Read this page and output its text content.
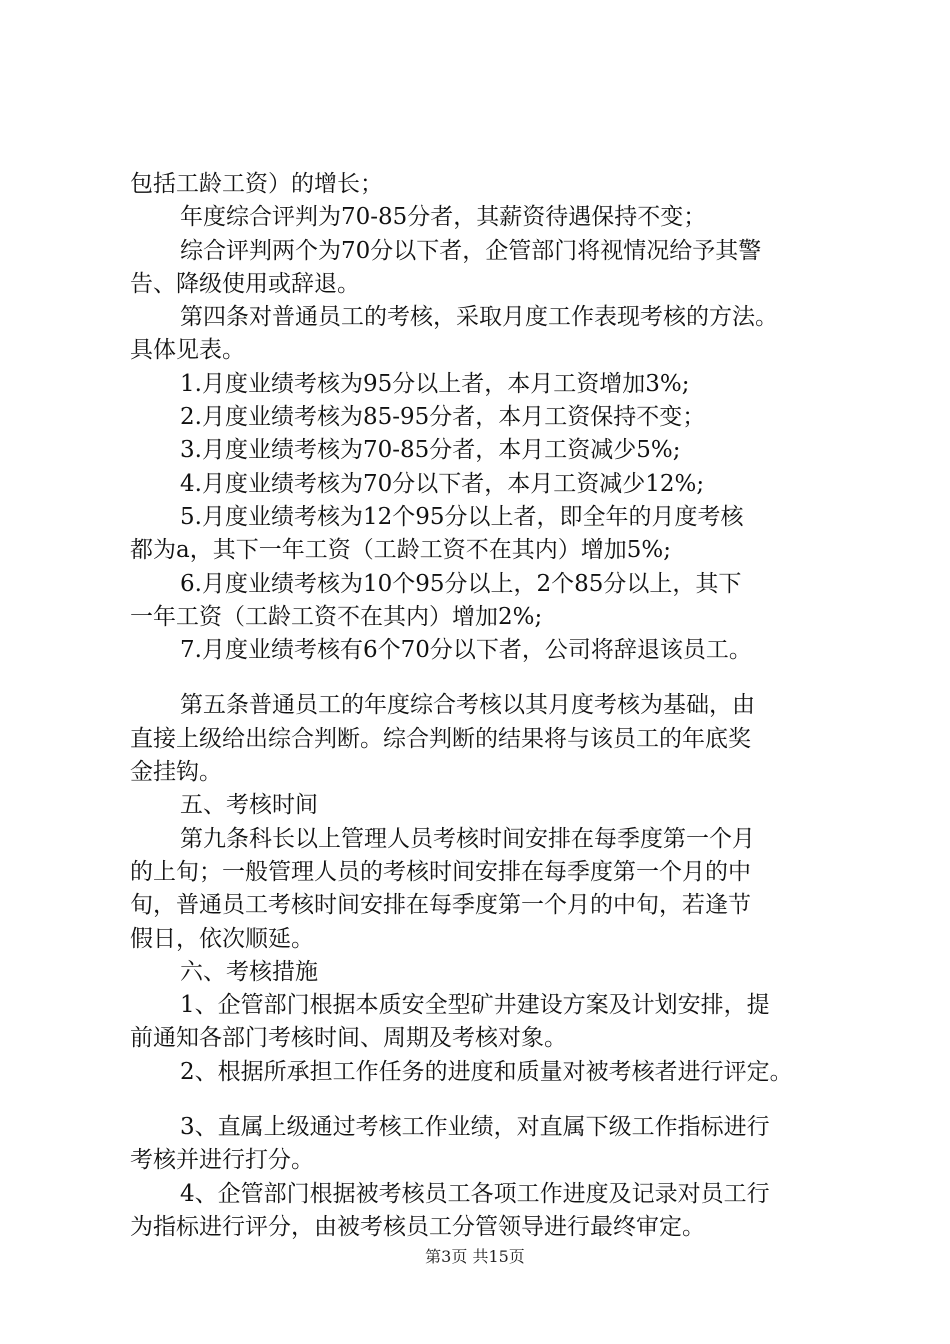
包括工龄工资）的增长；
年度综合评判为70-85分者，其薪资待遇保持不变；
综合评判两个为70分以下者，企管部门将视情况给予其警
告、降级使用或辞退。
第四条对普通员工的考核，采取月度工作表现考核的方法。
具体见表。
1.月度业绩考核为95分以上者，本月工资增加3%;
2.月度业绩考核为85-95分者，本月工资保持不变；
3.月度业绩考核为70-85分者，本月工资减少5%;
4.月度业绩考核为70分以下者，本月工资减少12%;
5.月度业绩考核为12个95分以上者，即全年的月度考核
都为a，其下一年工资（工龄工资不在其内）增加5%;
6.月度业绩考核为10个95分以上，2个85分以上，其下
一年工资（工龄工资不在其内）增加2%;
7.月度业绩考核有6个70分以下者，公司将辞退该员工。
第五条普通员工的年度综合考核以其月度考核为基础，由
直接上级给出综合判断。综合判断的结果将与该员工的年底奖
金挂钩。
五、考核时间
第九条科长以上管理人员考核时间安排在每季度第一个月
的上旬；一般管理人员的考核时间安排在每季度第一个月的中
旬，普通员工考核时间安排在每季度第一个月的中旬，若逢节
假日，依次顺延。
六、考核措施
1、企管部门根据本质安全型矿井建设方案及计划安排，提
前通知各部门考核时间、周期及考核对象。
2、根据所承担工作任务的进度和质量对被考核者进行评定。
3、直属上级通过考核工作业绩，对直属下级工作指标进行
考核并进行打分。
4、企管部门根据被考核员工各项工作进度及记录对员工行
为指标进行评分，由被考核员工分管领导进行最终审定。
第3页 共15页
